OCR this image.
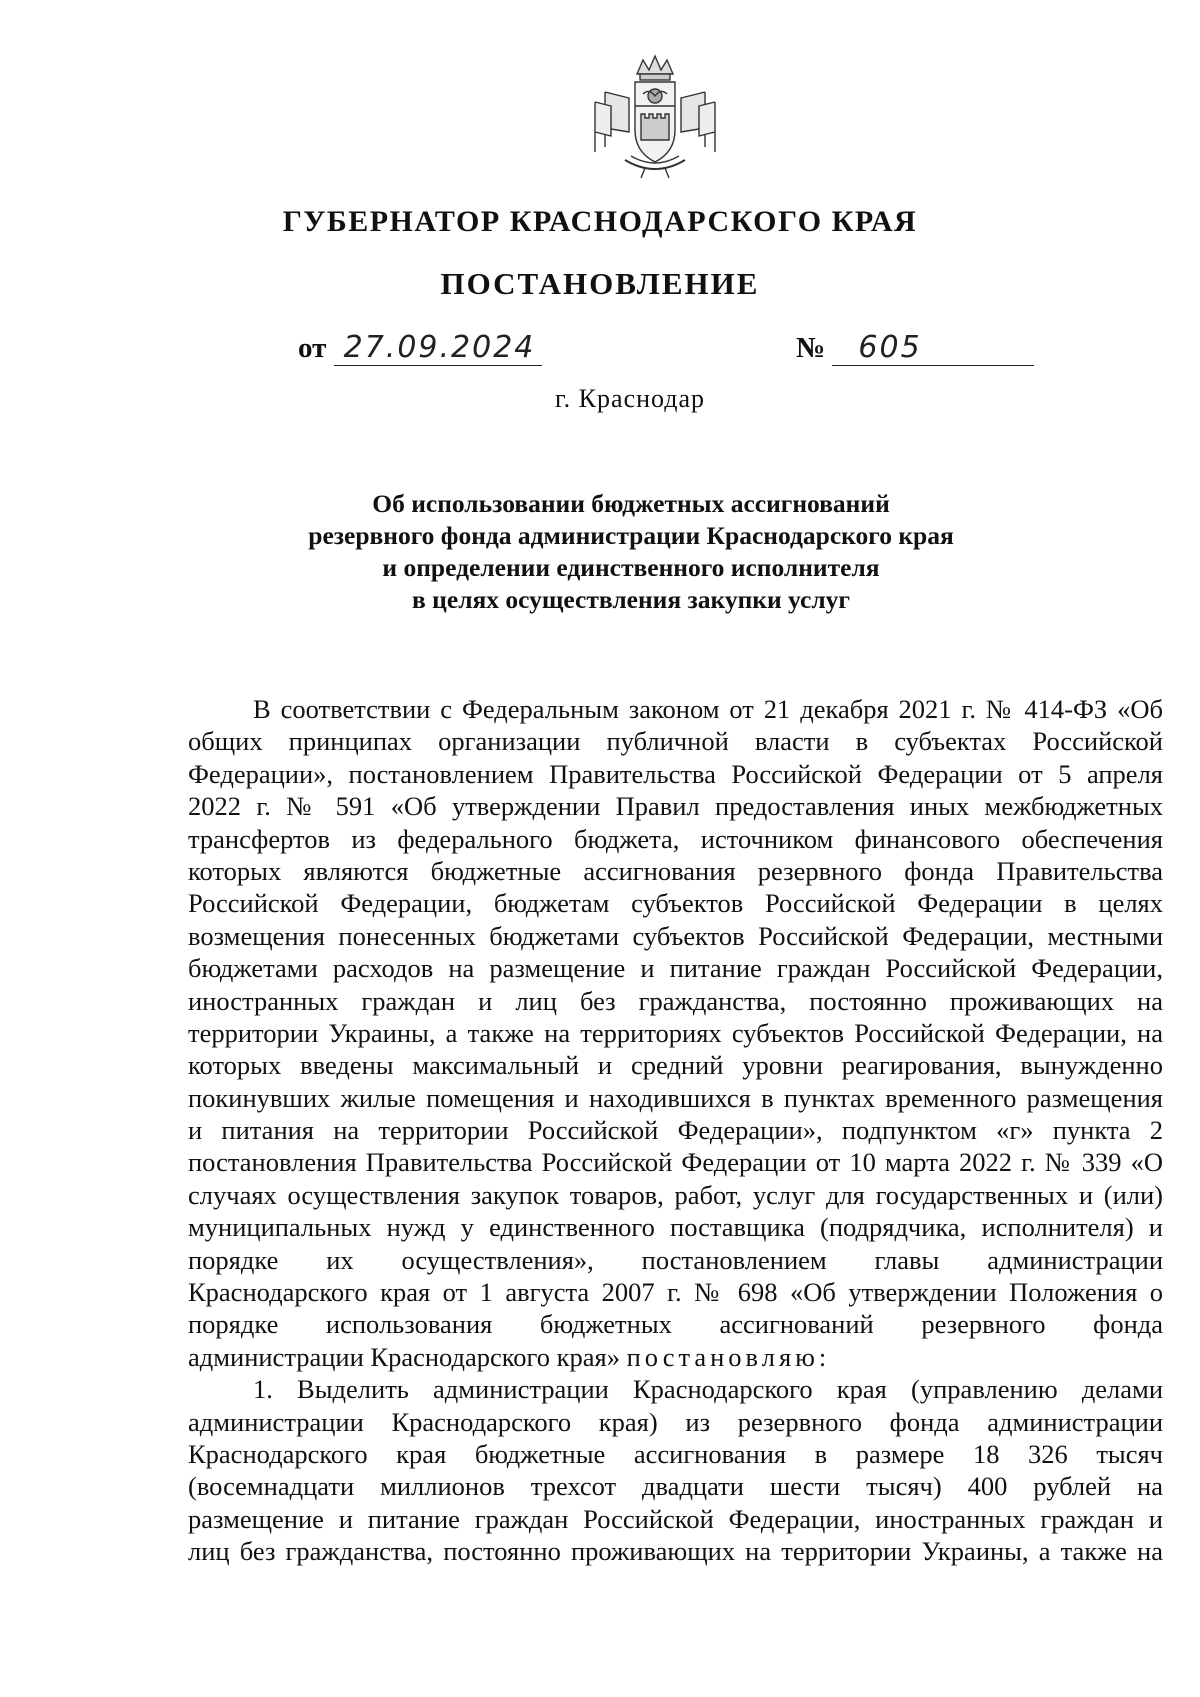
ГУБЕРНАТОР КРАСНОДАРСКОГО КРАЯ
ПОСТАНОВЛЕНИЕ
от 27.09.2024	№ 605
г. Краснодар
Об использовании бюджетных ассигнований
резервного фонда администрации Краснодарского края
и определении единственного исполнителя
в целях осуществления закупки услуг
В соответствии с Федеральным законом от 21 декабря 2021 г. № 414-ФЗ «Об
общих принципах организации публичной власти в субъектах Российской
Федерации», постановлением Правительства Российской Федерации от 5 апреля
2022 г. № 591 «Об утверждении Правил предоставления иных межбюджетных
трансфертов из федерального бюджета, источником финансового обеспечения
которых являются бюджетные ассигнования резервного фонда Правительства
Российской Федерации, бюджетам субъектов Российской Федерации в целях
возмещения понесенных бюджетами субъектов Российской Федерации, местными
бюджетами расходов на размещение и питание граждан Российской Федерации,
иностранных граждан и лиц без гражданства, постоянно проживающих на
территории Украины, а также на территориях субъектов Российской Федерации, на
которых введены максимальный и средний уровни реагирования, вынужденно
покинувших жилые помещения и находившихся в пунктах временного размещения
и питания на территории Российской Федерации», подпунктом «г» пункта 2
постановления Правительства Российской Федерации от 10 марта 2022 г. № 339 «О
случаях осуществления закупок товаров, работ, услуг для государственных и (или)
муниципальных нужд у единственного поставщика (подрядчика, исполнителя) и
порядке их осуществления», постановлением главы администрации
Краснодарского края от 1 августа 2007 г. № 698 «Об утверждении Положения о
порядке использования бюджетных ассигнований резервного фонда
администрации Краснодарского края» постановляю:
1. Выделить администрации Краснодарского края (управлению делами
администрации Краснодарского края) из резервного фонда администрации
Краснодарского края бюджетные ассигнования в размере 18 326 тысяч
(восемнадцати миллионов трехсот двадцати шести тысяч) 400 рублей на
размещение и питание граждан Российской Федерации, иностранных граждан и
лиц без гражданства, постоянно проживающих на территории Украины, а также на
